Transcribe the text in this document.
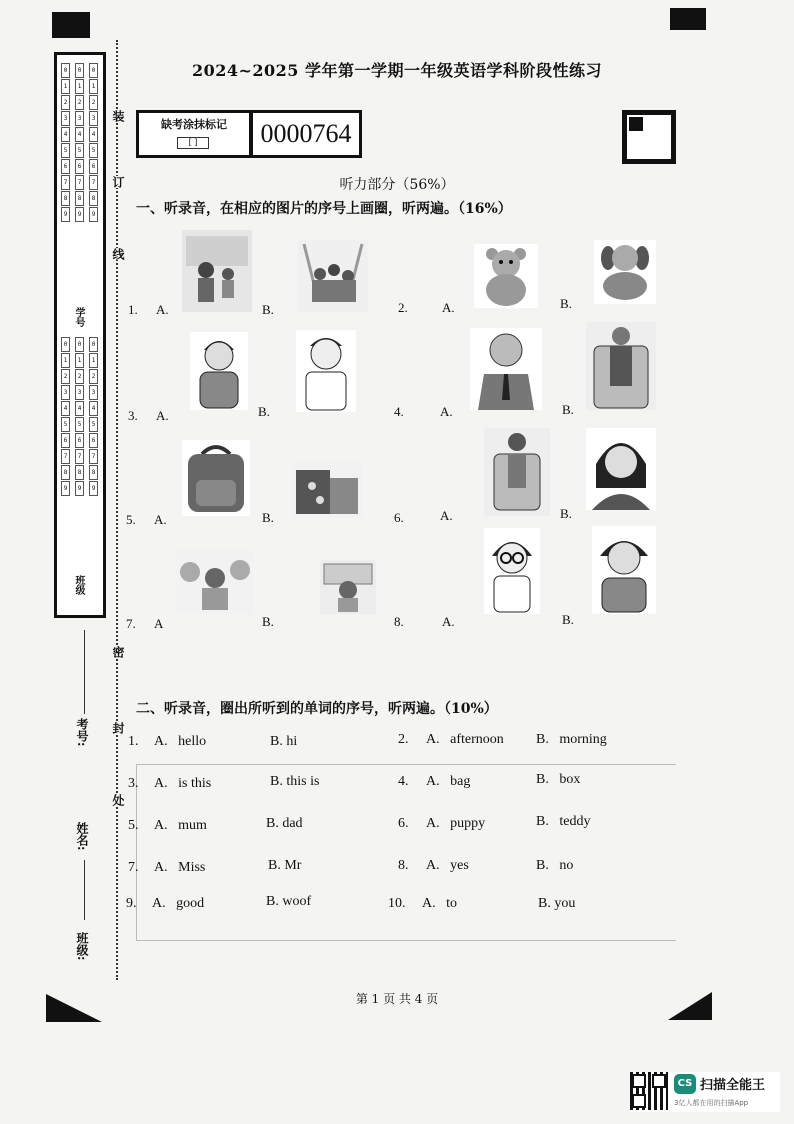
0
1
2
3
4
5
6
7
8
9
0
1
2
3
4
5
6
7
8
9
0
1
2
3
4
5
6
7
8
9
学号
0
1
2
3
4
5
6
7
8
9
0
1
2
3
4
5
6
7
8
9
0
1
2
3
4
5
6
7
8
9
班级
装
订
线
密
封
处
考号:
姓名:
班级:
2024~2025 学年第一学期一年级英语学科阶段性练习
缺考涂抹标记
[ ]	0000764
听力部分（56%）
一、听录音，在相应的图片的序号上画圈，听两遍。（16%）
1. A.	B.	2.	A.	B.
3. A.	B.	4.	A.	B.
5. A.	B.	6.	A.	B.
7. A	B.	8.	A.	B.
二、听录音，圈出所听到的单词的序号，听两遍。（10%）
1. A. hello	B. hi	2. A. afternoon B. morning
3. A. is this	B. this is	4. A. bag	B. box
5. A. mum	B. dad	6. A. puppy	B. teddy
7. A. Miss	B. Mr	8. A. yes	B. no
9. A. good	B. woof	10. A. to	B. you
第 1 页 共 4 页
CS 扫描全能王
3亿人都在用的扫描App
